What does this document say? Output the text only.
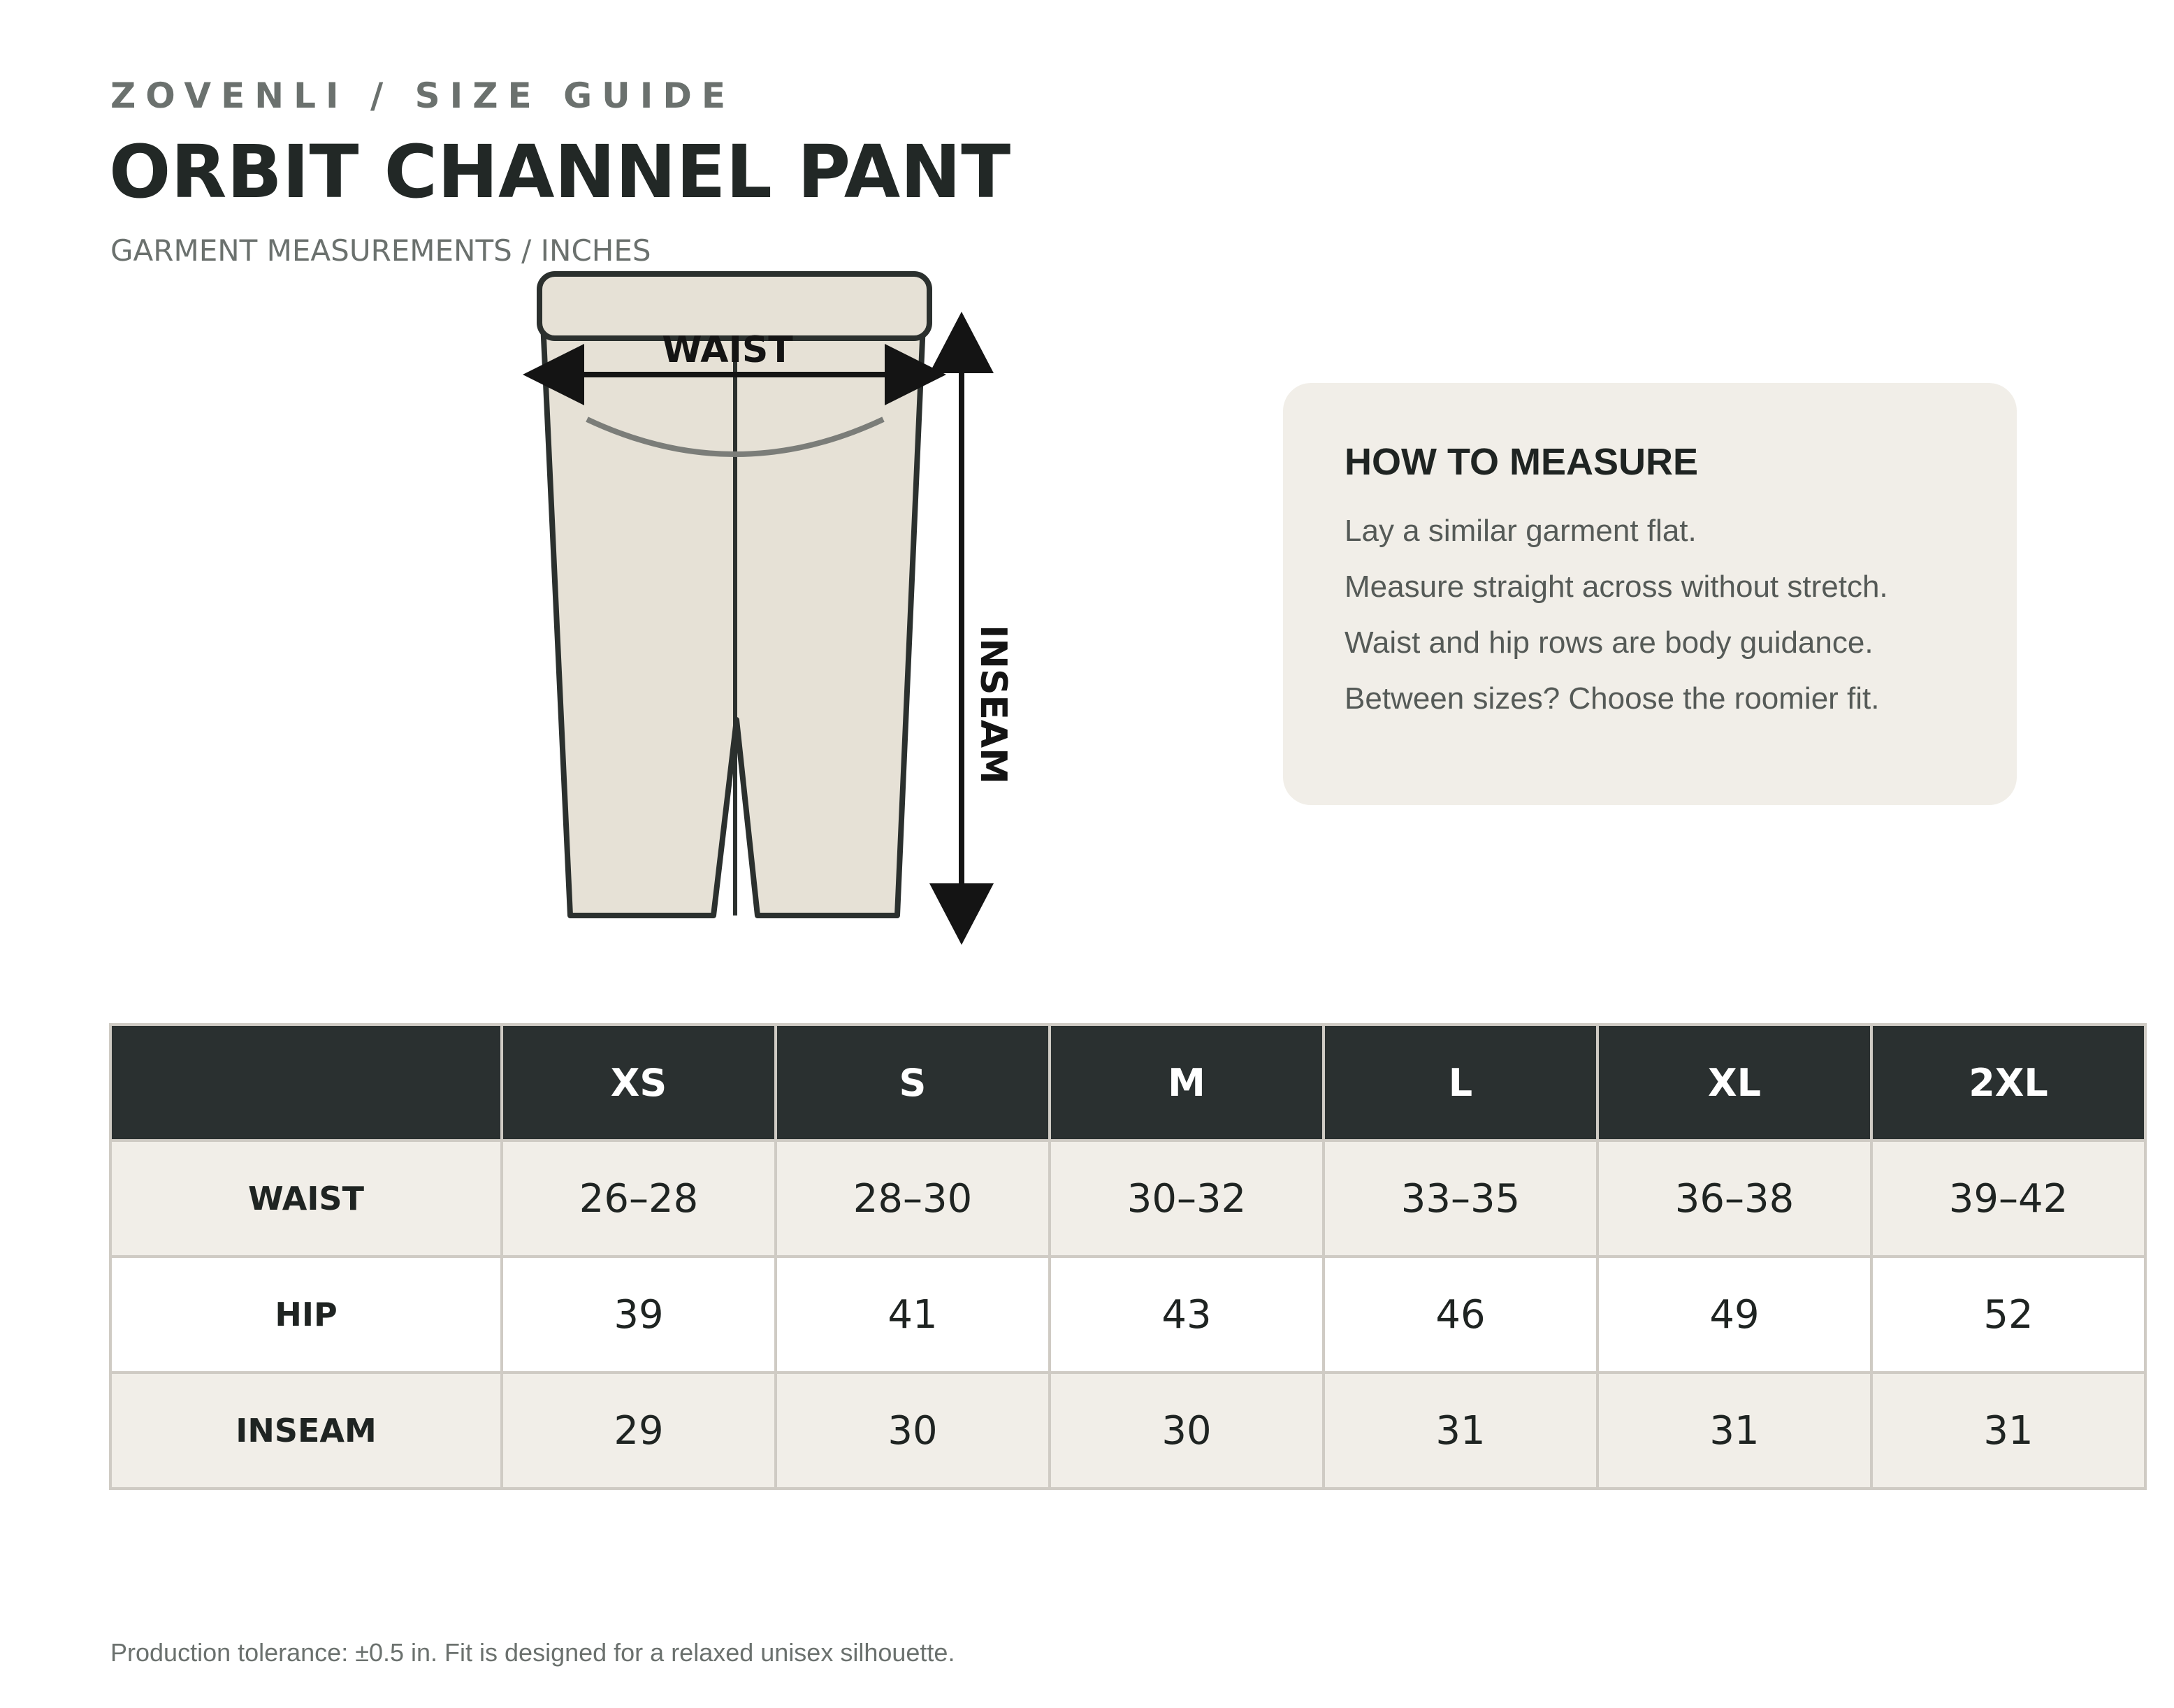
ZOVENLI / SIZE GUIDE
ORBIT CHANNEL PANT
GARMENT MEASUREMENTS / INCHES
WAIST
INSEAM
HOW TO MEASURE
Lay a similar garment flat.
Measure straight across without stretch.
Waist and hip rows are body guidance.
Between sizes? Choose the roomier fit.
	XS	S	M	L	XL	2XL
WAIST	26–28	28–30	30–32	33–35	36–38	39–42
HIP	39	41	43	46	49	52
INSEAM	29	30	30	31	31	31
Production tolerance: ±0.5 in. Fit is designed for a relaxed unisex silhouette.
